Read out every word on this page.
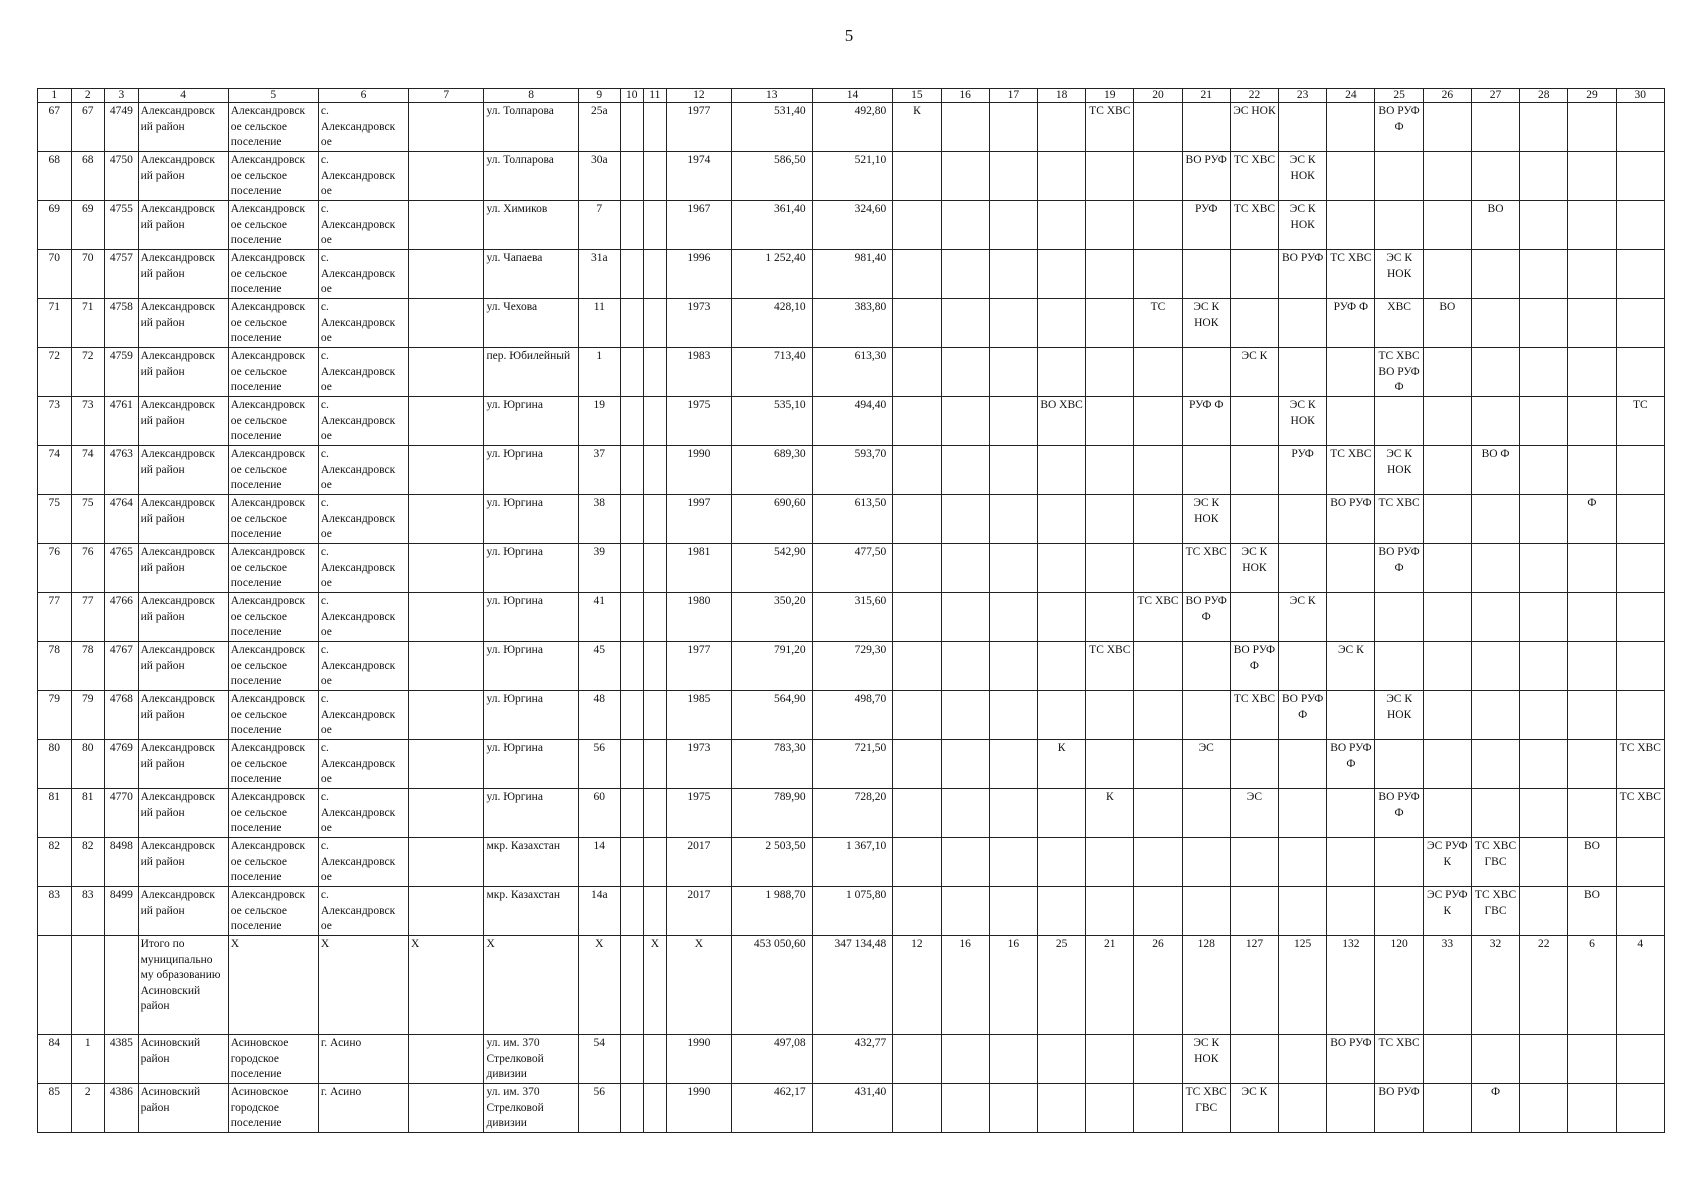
5
1	2	3	4	5	6	7	8	9	10	11	12	13	14	15	16	17	18	19	20	21	22	23	24	25	26	27	28	29	30
67	67	4749	Александровск ий район	Александровск ое сельское поселение	с. Александровск ое		ул. Толпарова	25а			1977	531,40	492,80	К				ТС ХВС			ЭС НОК			ВО РУФ Ф					
68	68	4750	Александровск ий район	Александровск ое сельское поселение	с. Александровск ое		ул. Толпарова	30а			1974	586,50	521,10							ВО РУФ	ТС ХВС	ЭС К НОК							
69	69	4755	Александровск ий район	Александровск ое сельское поселение	с. Александровск ое		ул. Химиков	7			1967	361,40	324,60							РУФ	ТС ХВС	ЭС К НОК				ВО			
70	70	4757	Александровск ий район	Александровск ое сельское поселение	с. Александровск ое		ул. Чапаева	31а			1996	1 252,40	981,40									ВО РУФ	ТС ХВС	ЭС К НОК					
71	71	4758	Александровск ий район	Александровск ое сельское поселение	с. Александровск ое		ул. Чехова	11			1973	428,10	383,80						ТС	ЭС К НОК			РУФ Ф	ХВС	ВО				
72	72	4759	Александровск ий район	Александровск ое сельское поселение	с. Александровск ое		пер. Юбилейный	1			1983	713,40	613,30								ЭС К			ТС ХВС ВО РУФ Ф					
73	73	4761	Александровск ий район	Александровск ое сельское поселение	с. Александровск ое		ул. Юргина	19			1975	535,10	494,40				ВО ХВС			РУФ Ф		ЭС К НОК							ТС
74	74	4763	Александровск ий район	Александровск ое сельское поселение	с. Александровск ое		ул. Юргина	37			1990	689,30	593,70									РУФ	ТС ХВС	ЭС К НОК		ВО Ф			
75	75	4764	Александровск ий район	Александровск ое сельское поселение	с. Александровск ое		ул. Юргина	38			1997	690,60	613,50							ЭС К НОК			ВО РУФ	ТС ХВС				Ф	
76	76	4765	Александровск ий район	Александровск ое сельское поселение	с. Александровск ое		ул. Юргина	39			1981	542,90	477,50							ТС ХВС	ЭС К НОК			ВО РУФ Ф					
77	77	4766	Александровск ий район	Александровск ое сельское поселение	с. Александровск ое		ул. Юргина	41			1980	350,20	315,60						ТС ХВС	ВО РУФ Ф		ЭС К							
78	78	4767	Александровск ий район	Александровск ое сельское поселение	с. Александровск ое		ул. Юргина	45			1977	791,20	729,30					ТС ХВС			ВО РУФ Ф		ЭС К						
79	79	4768	Александровск ий район	Александровск ое сельское поселение	с. Александровск ое		ул. Юргина	48			1985	564,90	498,70								ТС ХВС	ВО РУФ Ф		ЭС К НОК					
80	80	4769	Александровск ий район	Александровск ое сельское поселение	с. Александровск ое		ул. Юргина	56			1973	783,30	721,50				К			ЭС			ВО РУФ Ф						ТС ХВС
81	81	4770	Александровск ий район	Александровск ое сельское поселение	с. Александровск ое		ул. Юргина	60			1975	789,90	728,20					К			ЭС			ВО РУФ Ф					ТС ХВС
82	82	8498	Александровск ий район	Александровск ое сельское поселение	с. Александровск ое		мкр. Казахстан	14			2017	2 503,50	1 367,10												ЭС РУФ К	ТС ХВС ГВС		ВО	
83	83	8499	Александровск ий район	Александровск ое сельское поселение	с. Александровск ое		мкр. Казахстан	14а			2017	1 988,70	1 075,80												ЭС РУФ К	ТС ХВС ГВС		ВО	
			Итого по муниципально му образованию Асиновский район	Х	Х	Х	Х	Х		Х	Х	453 050,60	347 134,48	12	16	16	25	21	26	128	127	125	132	120	33	32	22	6	4
84	1	4385	Асиновский район	Асиновское городское поселение	г. Асино		ул. им. 370 Стрелковой дивизии	54			1990	497,08	432,77							ЭС К НОК			ВО РУФ	ТС ХВС					
85	2	4386	Асиновский район	Асиновское городское поселение	г. Асино		ул. им. 370 Стрелковой дивизии	56			1990	462,17	431,40							ТС ХВС ГВС	ЭС К			ВО РУФ		Ф			
